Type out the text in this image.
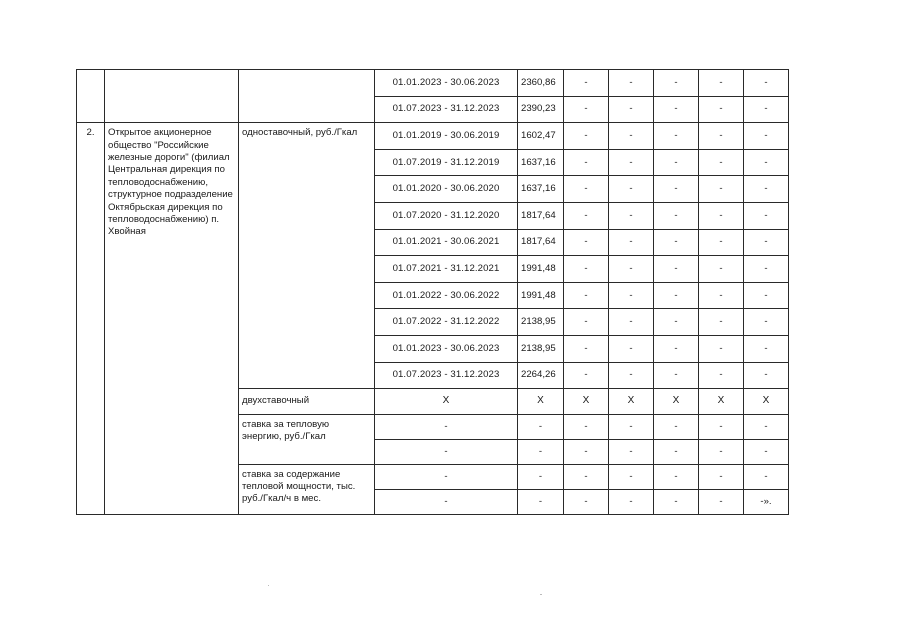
			01.01.2023 - 30.06.2023	2360,86	-	-	-	-	-
			01.07.2023 - 31.12.2023	2390,23	-	-	-	-	-
2.	Открытое акционерное общество "Российские железные дороги" (филиал Центральная дирекция по тепловодоснабжению, структурное подразделение Октябрьская дирекция по тепловодоснабжению) п. Хвойная	одноставочный, руб./Гкал	01.01.2019 - 30.06.2019	1602,47	-	-	-	-	-
			01.07.2019 - 31.12.2019	1637,16	-	-	-	-	-
			01.01.2020 - 30.06.2020	1637,16	-	-	-	-	-
			01.07.2020 - 31.12.2020	1817,64	-	-	-	-	-
			01.01.2021 - 30.06.2021	1817,64	-	-	-	-	-
			01.07.2021 - 31.12.2021	1991,48	-	-	-	-	-
			01.01.2022 - 30.06.2022	1991,48	-	-	-	-	-
			01.07.2022 - 31.12.2022	2138,95	-	-	-	-	-
			01.01.2023 - 30.06.2023	2138,95	-	-	-	-	-
			01.07.2023 - 31.12.2023	2264,26	-	-	-	-	-
		двухставочный	X	X	X	X	X	X	X
		ставка за тепловую энергию, руб./Гкал	-	-	-	-	-	-	-
			-	-	-	-	-	-	-
		ставка за содержание тепловой мощности, тыс. руб./Гкал/ч в мес.	-	-	-	-	-	-	-
			-	-	-	-	-	-	-».
